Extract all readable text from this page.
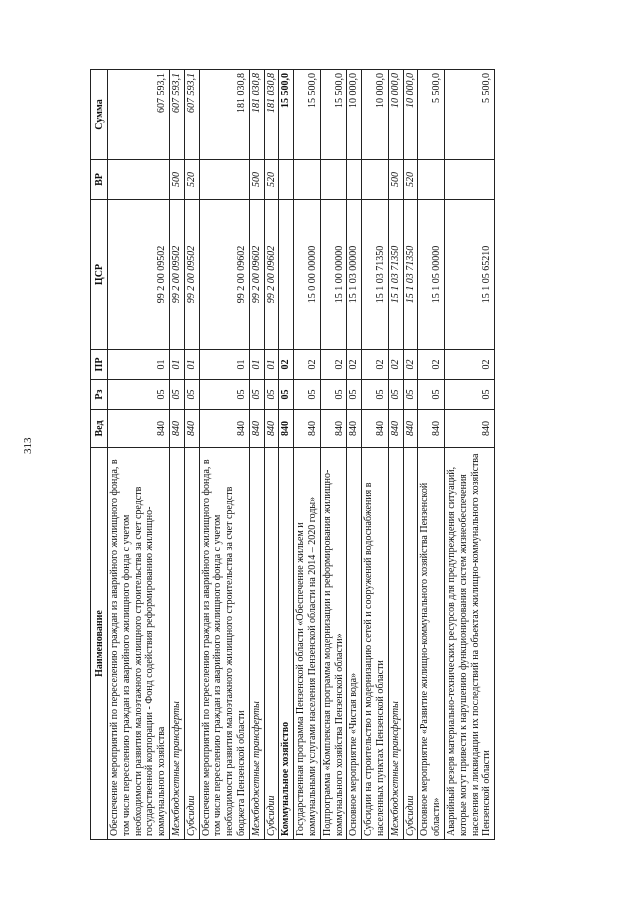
313
Наименование	Вед	Рз	ПР	ЦСР	ВР	Сумма
Обеспечение мероприятий по переселению граждан из аварийного жилищного фонда, в том числе переселению граждан из аварийного жилищного фонда с учетом необходимости развития малоэтажного жилищного строительства за счет средств государственной корпорации - Фонд содействия реформированию жилищно-коммунального хозяйства	840	05	01	99 2 00 09502		607 593,1
Межбюджетные трансферты	840	05	01	99 2 00 09502	500	607 593,1
Субсидии	840	05	01	99 2 00 09502	520	607 593,1
Обеспечение мероприятий по переселению граждан из аварийного жилищного фонда, в том числе переселению граждан из аварийного жилищного фонда с учетом необходимости развития малоэтажного жилищного строительства за счет средств бюджета Пензенской области	840	05	01	99 2 00 09602		181 030,8
Межбюджетные трансферты	840	05	01	99 2 00 09602	500	181 030,8
Субсидии	840	05	01	99 2 00 09602	520	181 030,8
Коммунальное хозяйство	840	05	02			15 500,0
Государственная программа Пензенской области «Обеспечение жильем и коммунальными услугами населения Пензенской области на 2014 – 2020 годы»	840	05	02	15 0 00 00000		15 500,0
Подпрограмма «Комплексная программа модернизации и реформирования жилищно-коммунального хозяйства Пензенской области»	840	05	02	15 1 00 00000		15 500,0
Основное мероприятие «Чистая вода»	840	05	02	15 1 03 00000		10 000,0
Субсидии на строительство и модернизацию сетей и сооружений водоснабжения в населенных пунктах Пензенской области	840	05	02	15 1 03 71350		10 000,0
Межбюджетные трансферты	840	05	02	15 1 03 71350	500	10 000,0
Субсидии	840	05	02	15 1 03 71350	520	10 000,0
Основное мероприятие «Развитие жилищно-коммунального хозяйства Пензенской области»	840	05	02	15 1 05 00000		5 500,0
Аварийный резерв материально-технических ресурсов для предупреждения ситуаций, которые могут привести к нарушению функционирования систем жизнеобеспечения населения и ликвидации их последствий на объектах жилищно-коммунального хозяйства Пензенской области	840	05	02	15 1 05 65210		5 500,0
